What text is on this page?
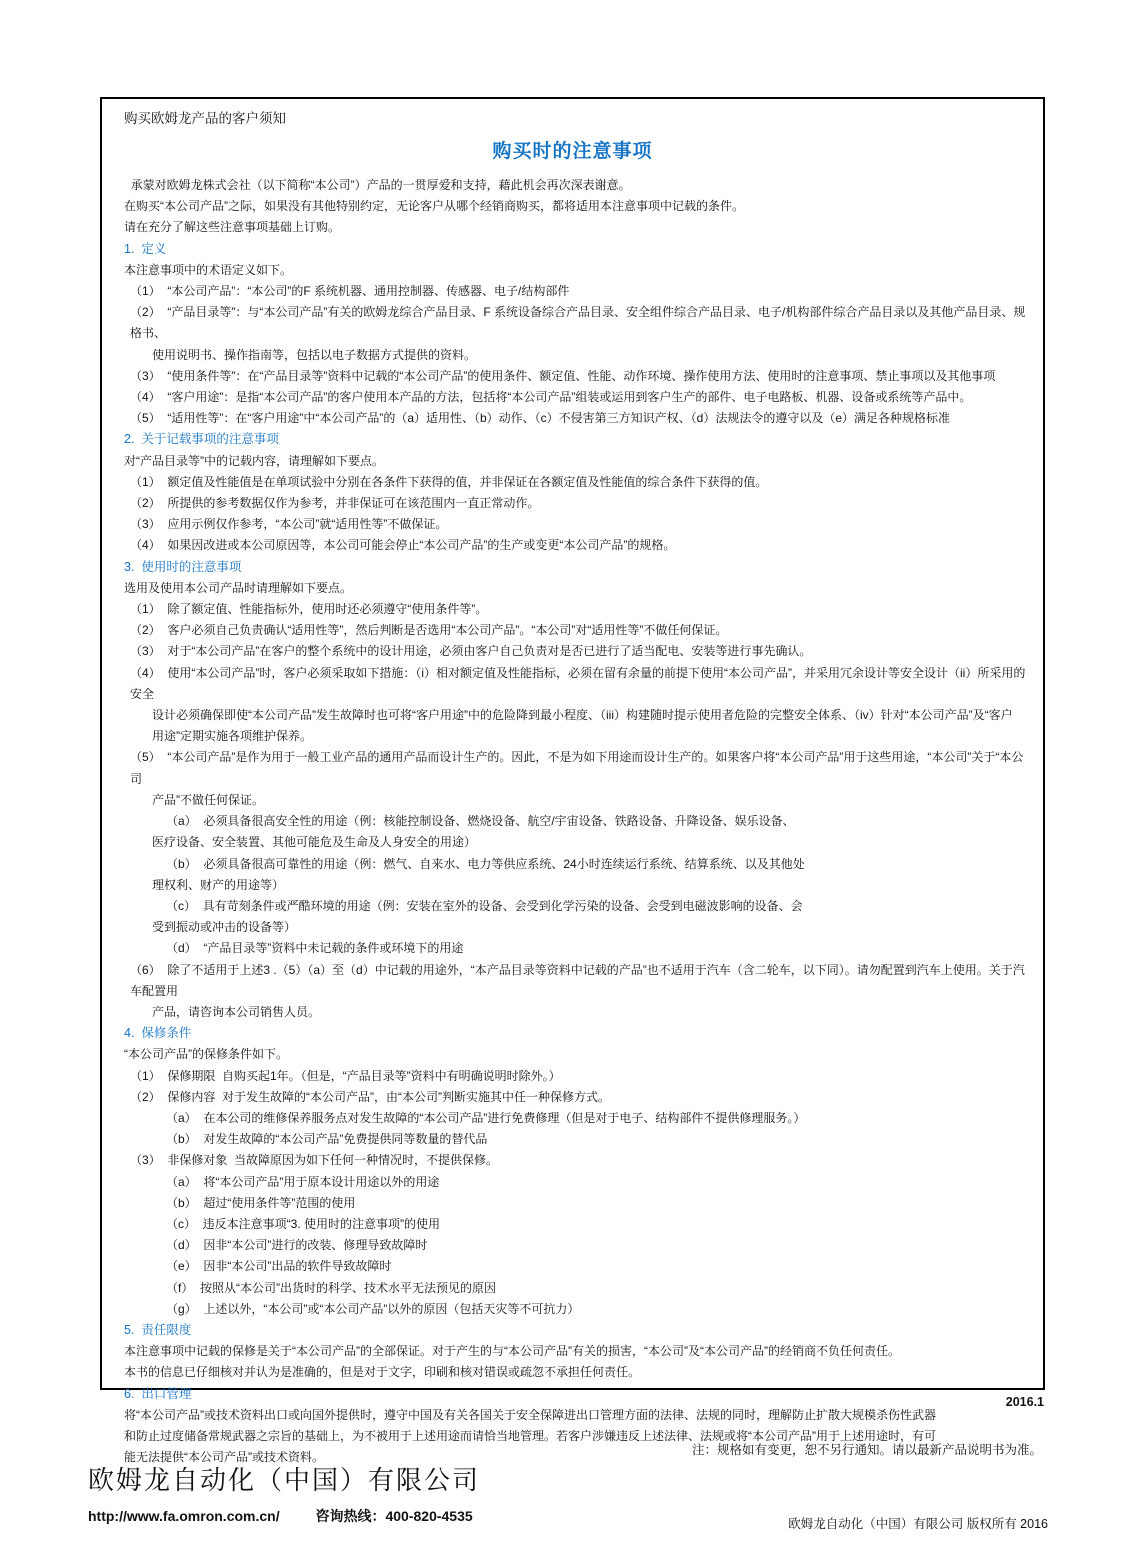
购买欧姆龙产品的客户须知
购买时的注意事项
承蒙对欧姆龙株式会社（以下简称“本公司”）产品的一贯厚爱和支持，藉此机会再次深表谢意。
在购买“本公司产品”之际，如果没有其他特别约定，无论客户从哪个经销商购买，都将适用本注意事项中记载的条件。
请在充分了解这些注意事项基础上订购。
1.  定义
本注意事项中的术语定义如下。
（1）  “本公司产品”：“本公司”的F 系统机器、通用控制器、传感器、电子/结构部件
（2）  “产品目录等”：与“本公司产品”有关的欧姆龙综合产品目录、F 系统设备综合产品目录、安全组件综合产品目录、电子/机构部件综合产品目录以及其他产品目录、规格书、
使用说明书、操作指南等，包括以电子数据方式提供的资料。
（3）  “使用条件等”：在“产品目录等”资料中记载的“本公司产品”的使用条件、额定值、性能、动作环境、操作使用方法、使用时的注意事项、禁止事项以及其他事项
（4）  “客户用途”：是指“本公司产品”的客户使用本产品的方法，包括将“本公司产品”组装或运用到客户生产的部件、电子电路板、机器、设备或系统等产品中。
（5）  “适用性等”：在“客户用途”中“本公司产品”的（a）适用性、（b）动作、（c）不侵害第三方知识产权、（d）法规法令的遵守以及（e）满足各种规格标准
2.  关于记载事项的注意事项
对“产品目录等”中的记载内容，请理解如下要点。
（1）  额定值及性能值是在单项试验中分别在各条件下获得的值，并非保证在各额定值及性能值的综合条件下获得的值。
（2）  所提供的参考数据仅作为参考，并非保证可在该范围内一直正常动作。
（3）  应用示例仅作参考，“本公司”就“适用性等”不做保证。
（4）  如果因改进或本公司原因等，本公司可能会停止“本公司产品”的生产或变更“本公司产品”的规格。
3.  使用时的注意事项
选用及使用本公司产品时请理解如下要点。
（1）  除了额定值、性能指标外，使用时还必须遵守“使用条件等”。
（2）  客户必须自己负责确认“适用性等”，然后判断是否选用“本公司产品”。“本公司”对“适用性等”不做任何保证。
（3）  对于“本公司产品”在客户的整个系统中的设计用途，必须由客户自己负责对是否已进行了适当配电、安装等进行事先确认。
（4）  使用“本公司产品”时，客户必须采取如下措施：（i）相对额定值及性能指标，必须在留有余量的前提下使用“本公司产品”，并采用冗余设计等安全设计（ii）所采用的安全
设计必须确保即使“本公司产品”发生故障时也可将“客户用途”中的危险降到最小程度、（iii）构建随时提示使用者危险的完整安全体系、（iv）针对“本公司产品”及“客户
用途”定期实施各项维护保养。
（5）  “本公司产品”是作为用于一般工业产品的通用产品而设计生产的。因此，不是为如下用途而设计生产的。如果客户将“本公司产品”用于这些用途，“本公司”关于“本公司
产品”不做任何保证。
（a）  必须具备很高安全性的用途（例：核能控制设备、燃烧设备、航空/宇宙设备、铁路设备、升降设备、娱乐设备、
医疗设备、安全装置、其他可能危及生命及人身安全的用途）
（b）  必须具备很高可靠性的用途（例：燃气、自来水、电力等供应系统、24小时连续运行系统、结算系统、以及其他处
理权利、财产的用途等）
（c）  具有苛刻条件或严酷环境的用途（例：安装在室外的设备、会受到化学污染的设备、会受到电磁波影响的设备、会
受到振动或冲击的设备等）
（d）  “产品目录等”资料中未记载的条件或环境下的用途
（6）  除了不适用于上述3 .（5）（a）至（d）中记载的用途外，“本产品目录等资料中记载的产品”也不适用于汽车（含二轮车，以下同）。请勿配置到汽车上使用。关于汽车配置用
产品，请咨询本公司销售人员。
4.  保修条件
“本公司产品”的保修条件如下。
（1）  保修期限  自购买起1年。（但是，“产品目录等”资料中有明确说明时除外。）
（2）  保修内容  对于发生故障的“本公司产品”，由“本公司”判断实施其中任一种保修方式。
（a）  在本公司的维修保养服务点对发生故障的“本公司产品”进行免费修理（但是对于电子、结构部件不提供修理服务。）
（b）  对发生故障的“本公司产品”免费提供同等数量的替代品
（3）  非保修对象  当故障原因为如下任何一种情况时，不提供保修。
（a）  将“本公司产品”用于原本设计用途以外的用途
（b）  超过“使用条件等”范围的使用
（c）  违反本注意事项“3. 使用时的注意事项”的使用
（d）  因非“本公司”进行的改装、修理导致故障时
（e）  因非“本公司”出品的软件导致故障时
（f）  按照从“本公司”出货时的科学、技术水平无法预见的原因
（g）  上述以外，“本公司”或“本公司产品”以外的原因（包括天灾等不可抗力）
5.  责任限度
本注意事项中记载的保修是关于“本公司产品”的全部保证。对于产生的与“本公司产品”有关的损害，“本公司”及“本公司产品”的经销商不负任何责任。
本书的信息已仔细核对并认为是准确的，但是对于文字，印刷和核对错误或疏忽不承担任何责任。
6.  出口管理
将“本公司产品”或技术资料出口或向国外提供时，遵守中国及有关各国关于安全保障进出口管理方面的法律、法规的同时，理解防止扩散大规模杀伤性武器
和防止过度储备常规武器之宗旨的基础上，为不被用于上述用途而请恰当地管理。若客户涉嫌违反上述法律、法规或将“本公司产品”用于上述用途时，有可
能无法提供“本公司产品”或技术资料。
2016.1
注：规格如有变更，恕不另行通知。请以最新产品说明书为准。
欧姆龙自动化（中国）有限公司
http://www.fa.omron.com.cn/	咨询热线：400-820-4535	欧姆龙自动化（中国）有限公司 版权所有 2016
